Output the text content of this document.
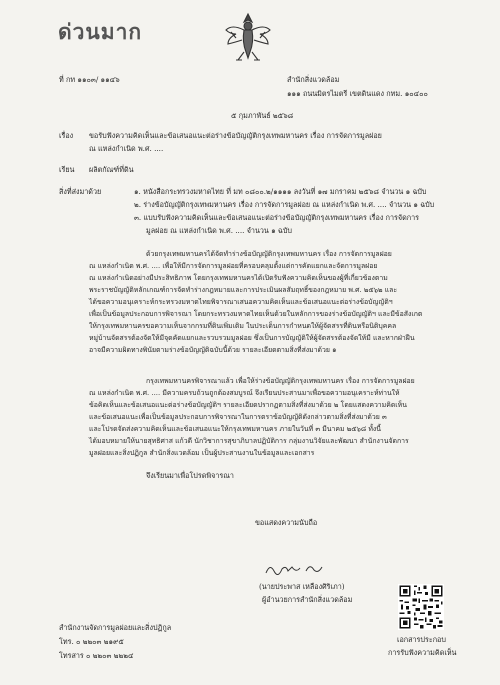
ด่วนมาก
ที่ กท ๑๑๐๓/ ๑๑๔๖	สำนักสิ่งแวดล้อม
๑๑๑ ถนนมิตรไมตรี เขตดินแดง กทม. ๑๐๔๐๐
๕ กุมภาพันธ์ ๒๕๖๘
เรื่อง ขอรับฟังความคิดเห็นและข้อเสนอแนะต่อร่างข้อบัญญัติกรุงเทพมหานคร เรื่อง การจัดการมูลฝอย
ณ แหล่งกำเนิด พ.ศ. ....
เรียน ผลิตกัณฑ์ที่ดิน
สิ่งที่ส่งมาด้วย	๑. หนังสือกระทรวงมหาดไทย ที่ มท ๐๘๐๐.๒/๑๑๑๑ ลงวันที่ ๑๗ มกราคม ๒๕๖๘ จำนวน ๑ ฉบับ
๒. ร่างข้อบัญญัติกรุงเทพมหานคร เรื่อง การจัดการมูลฝอย ณ แหล่งกำเนิด พ.ศ. .... จำนวน ๑ ฉบับ
๓. แบบรับฟังความคิดเห็นและข้อเสนอแนะต่อร่างข้อบัญญัติกรุงเทพมหานคร เรื่อง การจัดการ
มูลฝอย ณ แหล่งกำเนิด พ.ศ. .... จำนวน ๑ ฉบับ
ด้วยกรุงเทพมหานครได้จัดทำร่างข้อบัญญัติกรุงเทพมหานคร เรื่อง การจัดการมูลฝอย
ณ แหล่งกำเนิด พ.ศ. .... เพื่อให้มีการจัดการมูลฝอยที่ครอบคลุมตั้งแต่การคัดแยกและจัดการมูลฝอย
ณ แหล่งกำเนิดอย่างมีประสิทธิภาพ โดยกรุงเทพมหานครได้เปิดรับฟังความคิดเห็นของผู้ที่เกี่ยวข้องตาม
พระราชบัญญัติหลักเกณฑ์การจัดทำร่างกฎหมายและการประเมินผลสัมฤทธิ์ของกฎหมาย พ.ศ. ๒๕๖๒ และ
ได้ขอความอนุเคราะห์กระทรวงมหาดไทยพิจารณาเสนอความคิดเห็นและข้อเสนอแนะต่อร่างข้อบัญญัติฯ
เพื่อเป็นข้อมูลประกอบการพิจารณา โดยกระทรวงมหาดไทยเห็นด้วยในหลักการของร่างข้อบัญญัติฯ และมีข้อสังเกต
ให้กรุงเทพมหานครขอความเห็นจากกรมที่ดินเพิ่มเติม ในประเด็นการกำหนดให้ผู้จัดสรรที่ดินหรือนิติบุคคล
หมู่บ้านจัดสรรต้องจัดให้มีจุดคัดแยกและรวบรวมมูลฝอย ซึ่งเป็นการบัญญัติให้ผู้จัดสรรต้องจัดให้มี และหากฝ่าฝืน
อาจมีความผิดทางพินัยตามร่างข้อบัญญัติฉบับนี้ด้วย รายละเอียดตามสิ่งที่ส่งมาด้วย ๑
กรุงเทพมหานครพิจารณาแล้ว เพื่อให้ร่างข้อบัญญัติกรุงเทพมหานคร เรื่อง การจัดการมูลฝอย
ณ แหล่งกำเนิด พ.ศ. .... มีความครบถ้วนถูกต้องสมบูรณ์ จึงเรียนประสานมาเพื่อขอความอนุเคราะห์ท่านให้
ข้อคิดเห็นและข้อเสนอแนะต่อร่างข้อบัญญัติฯ รายละเอียดปรากฏตามสิ่งที่ส่งมาด้วย ๒ โดยแสดงความคิดเห็น
และข้อเสนอแนะเพื่อเป็นข้อมูลประกอบการพิจารณาในการตราข้อบัญญัติดังกล่าวตามสิ่งที่ส่งมาด้วย ๓
และโปรดจัดส่งความคิดเห็นและข้อเสนอแนะให้กรุงเทพมหานคร ภายในวันที่ ๓ มีนาคม ๒๕๖๘ ทั้งนี้
ได้มอบหมายให้นายสุทธิศาส แก้วดี นักวิชาการสุขาภิบาลปฏิบัติการ กลุ่มงานวิจัยและพัฒนา สำนักงานจัดการ
มูลฝอยและสิ่งปฏิกูล สำนักสิ่งแวดล้อม เป็นผู้ประสานงานในข้อมูลและเอกสาร
จึงเรียนมาเพื่อโปรดพิจารณา
ขอแสดงความนับถือ
(นายประพาส เหลืองศิริเภา)
ผู้อำนวยการสำนักสิ่งแวดล้อม
สำนักงานจัดการมูลฝอยและสิ่งปฏิกูล
โทร. ๐ ๒๒๐๓ ๒๑๙๕
โทรสาร ๐ ๒๒๐๓ ๒๒๒๔
เอกสารประกอบ
การรับฟังความคิดเห็น
